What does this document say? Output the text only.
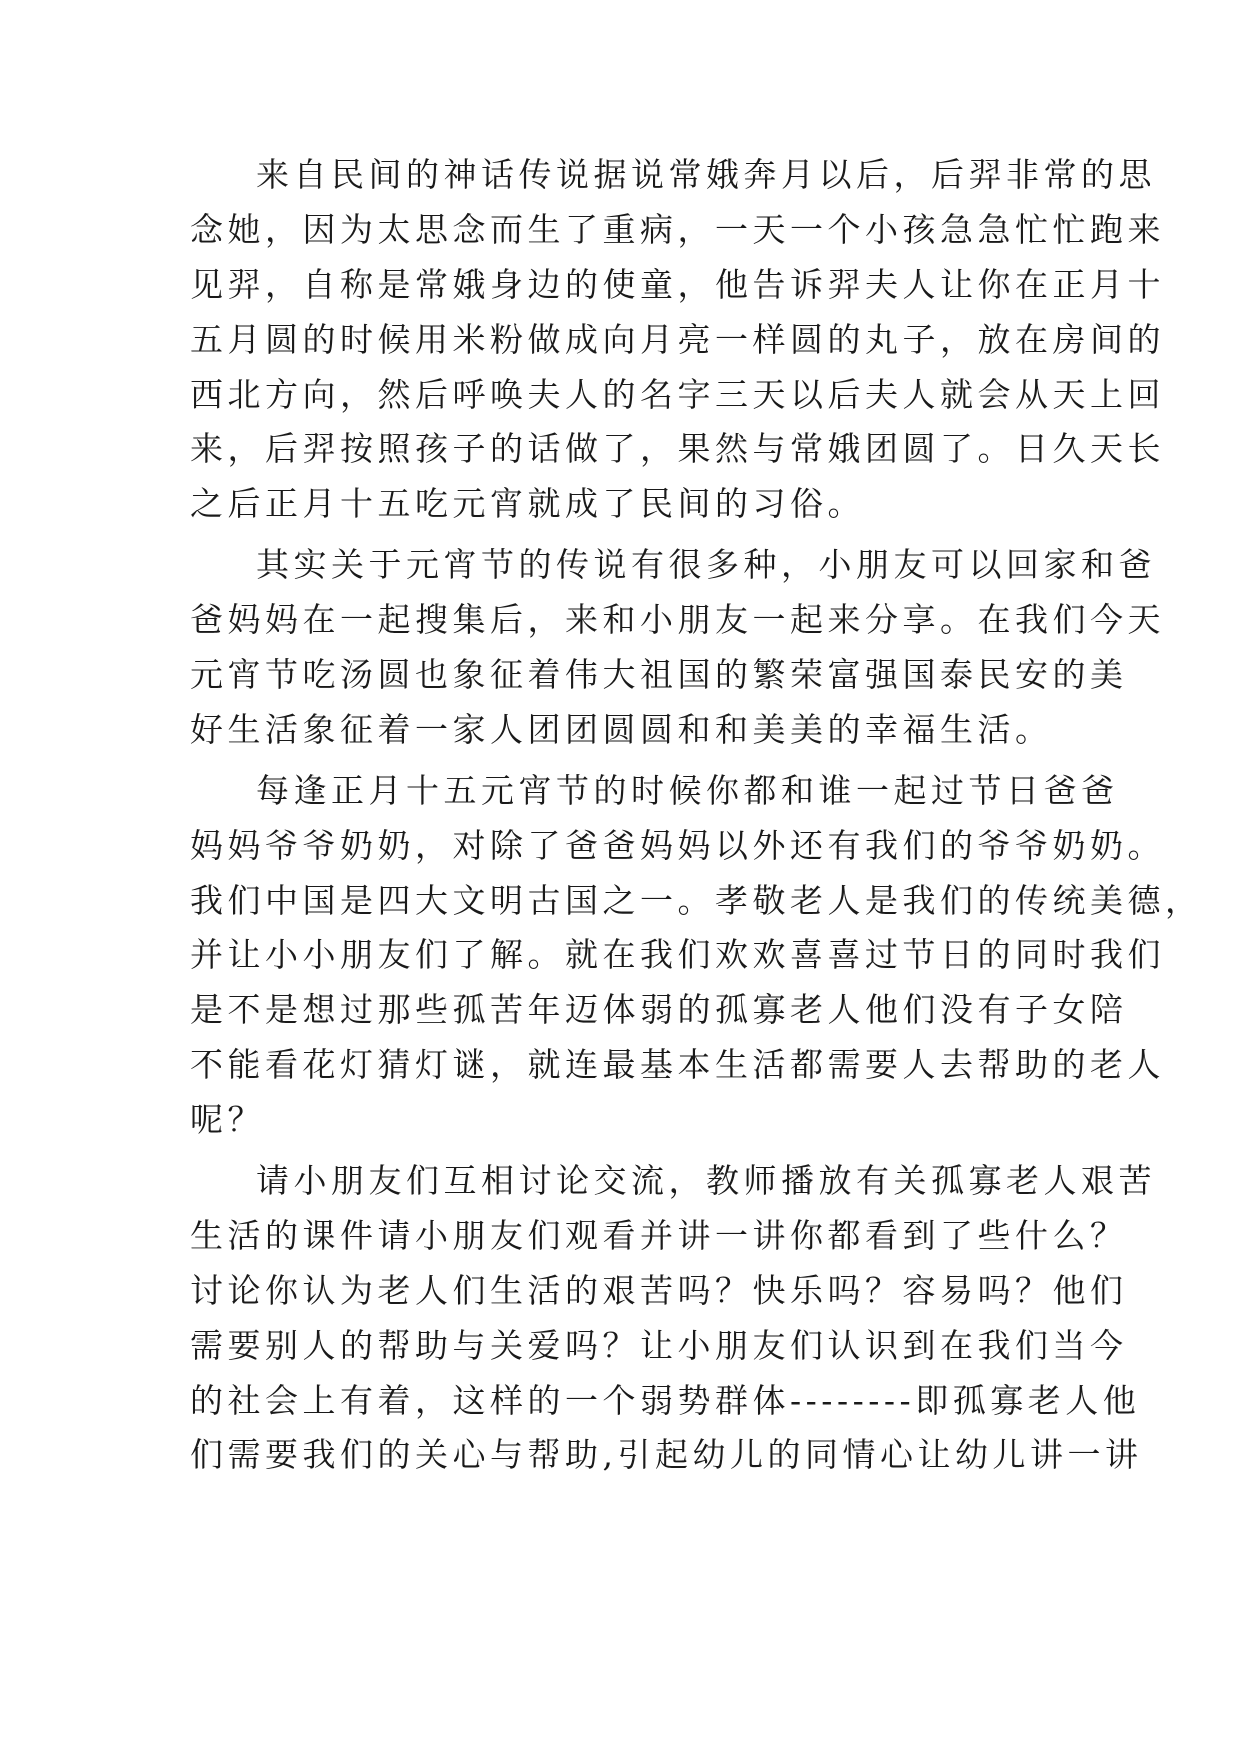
来自民间的神话传说据说常娥奔月以后，后羿非常的思
念她，因为太思念而生了重病，一天一个小孩急急忙忙跑来
见羿，自称是常娥身边的使童，他告诉羿夫人让你在正月十
五月圆的时候用米粉做成向月亮一样圆的丸子，放在房间的
西北方向，然后呼唤夫人的名字三天以后夫人就会从天上回
来，后羿按照孩子的话做了，果然与常娥团圆了。日久天长
之后正月十五吃元宵就成了民间的习俗。
其实关于元宵节的传说有很多种，小朋友可以回家和爸
爸妈妈在一起搜集后，来和小朋友一起来分享。在我们今天
元宵节吃汤圆也象征着伟大祖国的繁荣富强国泰民安的美
好生活象征着一家人团团圆圆和和美美的幸福生活。
每逢正月十五元宵节的时候你都和谁一起过节日爸爸
妈妈爷爷奶奶，对除了爸爸妈妈以外还有我们的爷爷奶奶。
我们中国是四大文明古国之一。孝敬老人是我们的传统美德，
并让小小朋友们了解。就在我们欢欢喜喜过节日的同时我们
是不是想过那些孤苦年迈体弱的孤寡老人他们没有子女陪
不能看花灯猜灯谜，就连最基本生活都需要人去帮助的老人
呢？
请小朋友们互相讨论交流，教师播放有关孤寡老人艰苦
生活的课件请小朋友们观看并讲一讲你都看到了些什么？
讨论你认为老人们生活的艰苦吗？快乐吗？容易吗？他们
需要别人的帮助与关爱吗？让小朋友们认识到在我们当今
的社会上有着，这样的一个弱势群体--------即孤寡老人他
们需要我们的关心与帮助,引起幼儿的同情心让幼儿讲一讲
